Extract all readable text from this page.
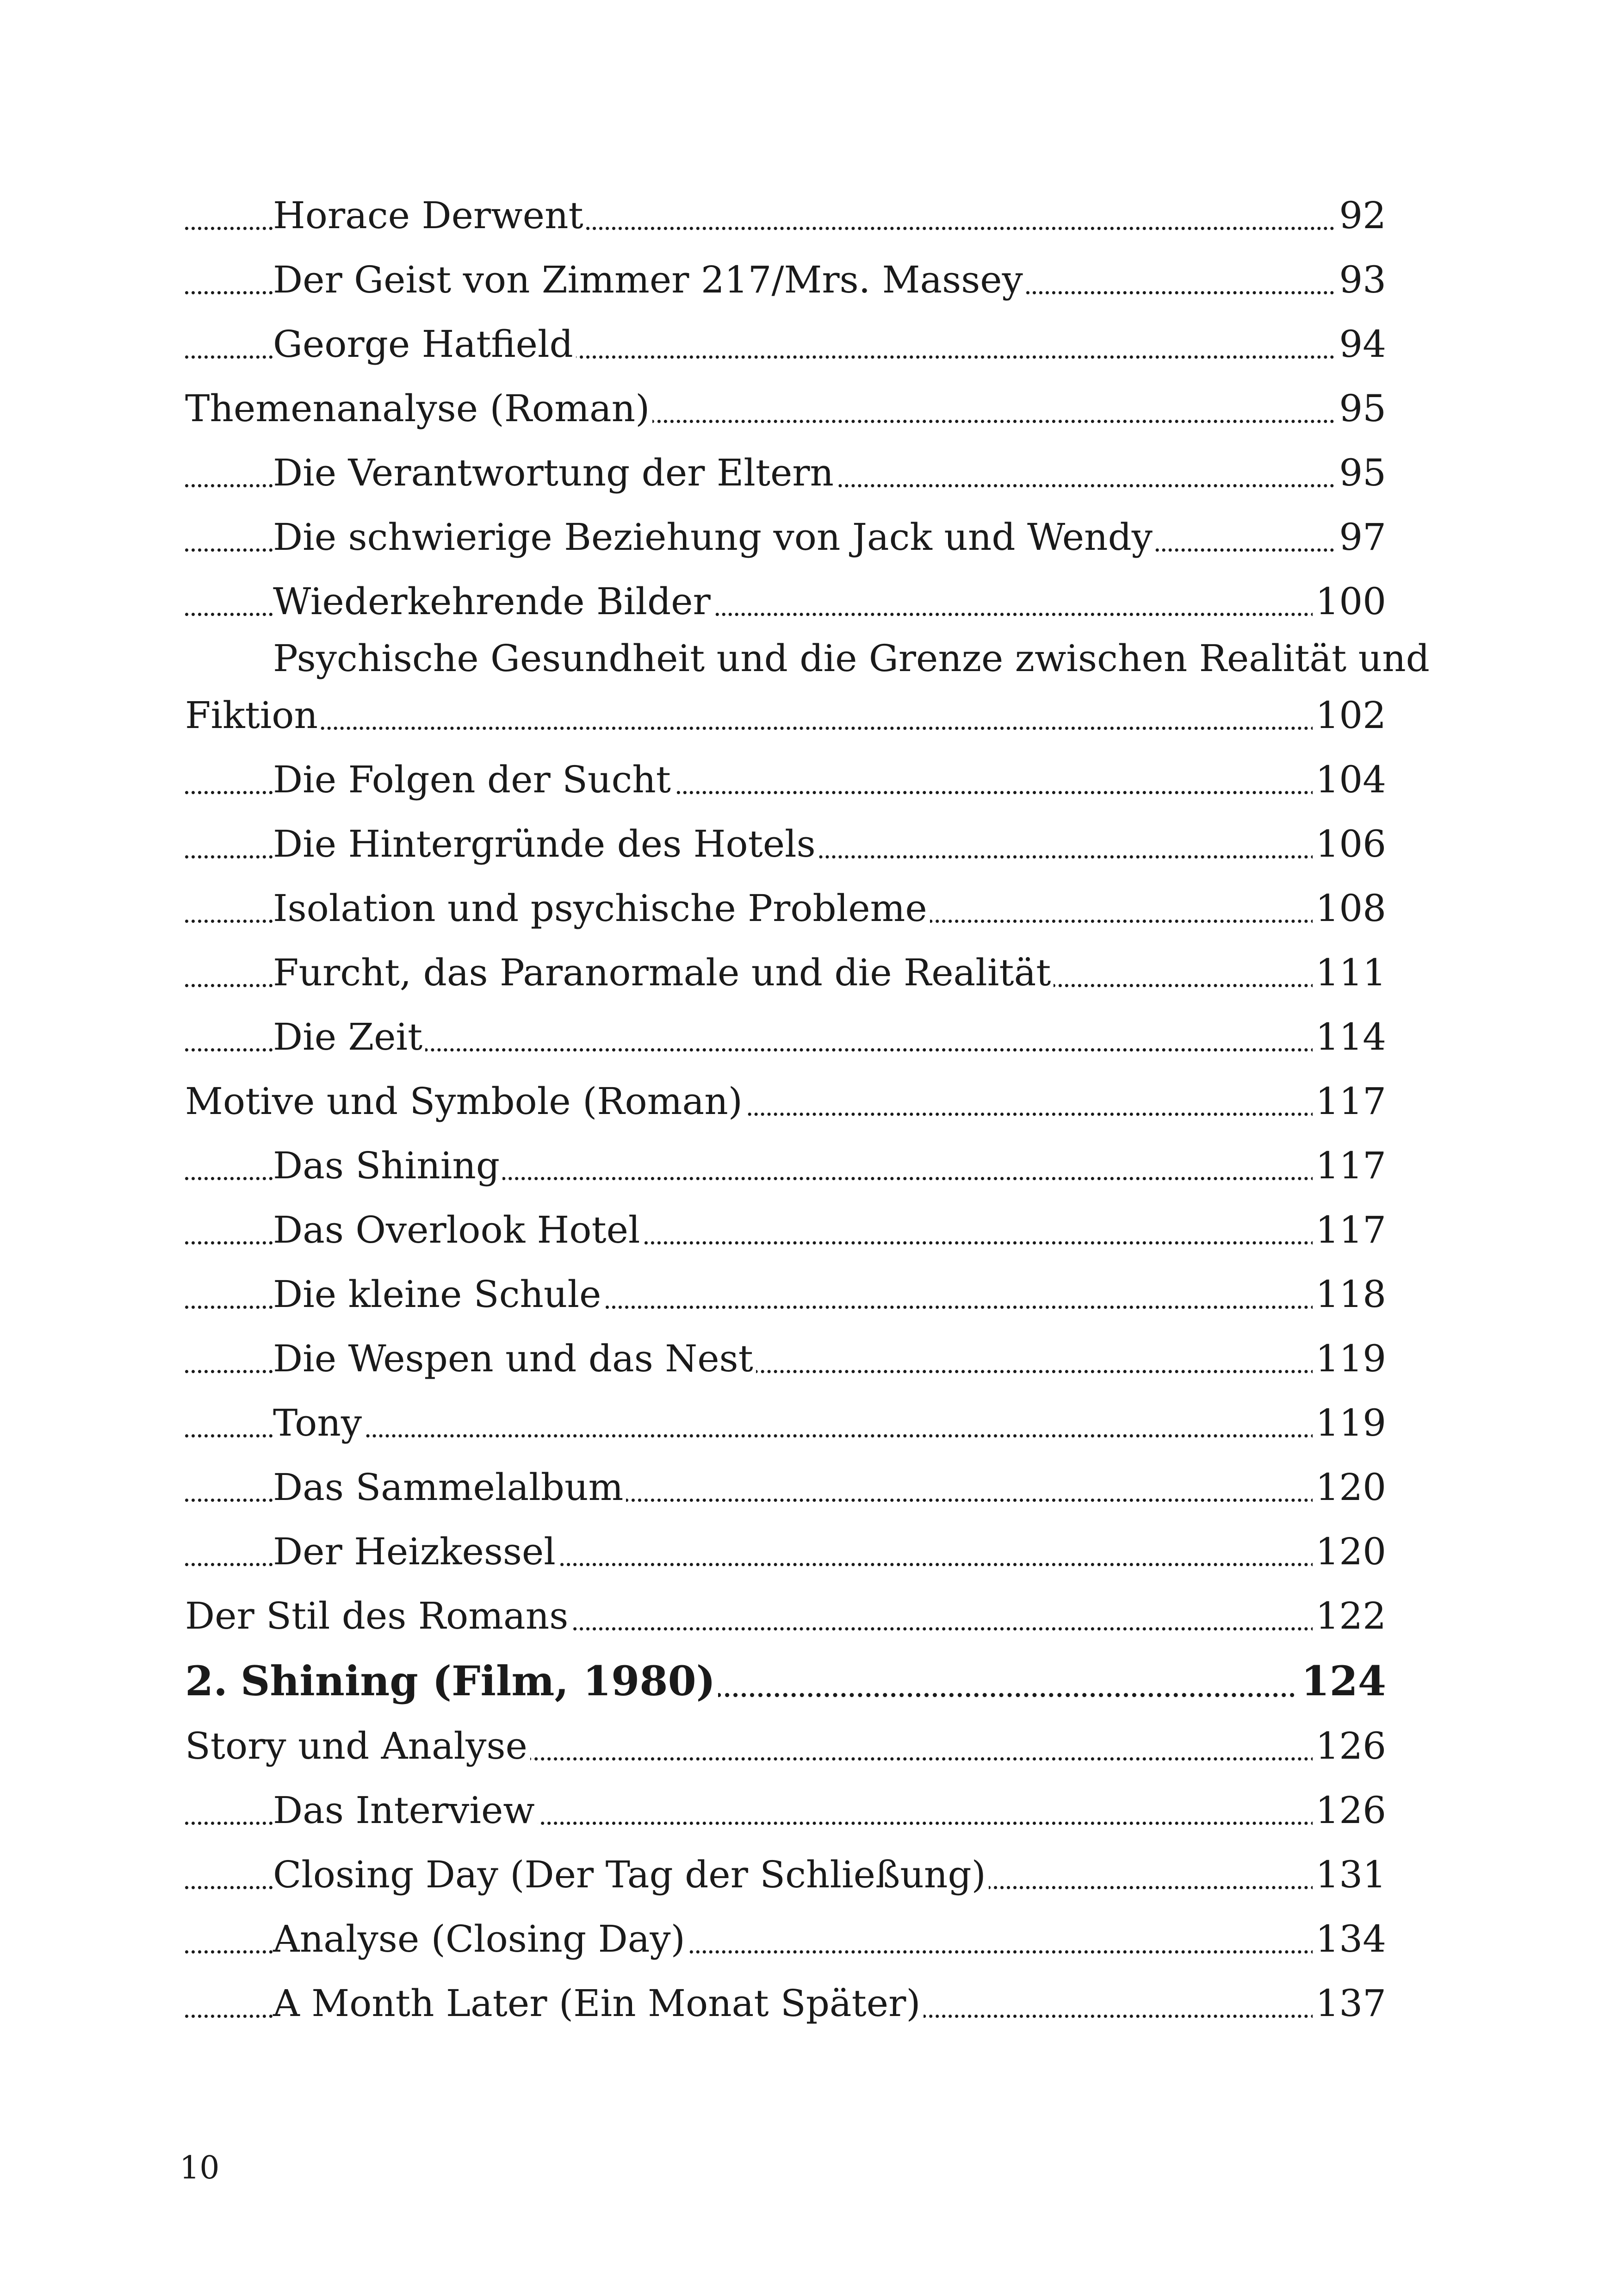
Horace Derwent	92
Der Geist von Zimmer 217/Mrs. Massey	93
George Hatfield	94
Themenanalyse (Roman)	95
Die Verantwortung der Eltern	95
Die schwierige Beziehung von Jack und Wendy	97
Wiederkehrende Bilder	100
Psychische Gesundheit und die Grenze zwischen Realität und
Fiktion	102
Die Folgen der Sucht	104
Die Hintergründe des Hotels	106
Isolation und psychische Probleme	108
Furcht, das Paranormale und die Realität	111
Die Zeit	114
Motive und Symbole (Roman)	117
Das Shining	117
Das Overlook Hotel	117
Die kleine Schule	118
Die Wespen und das Nest	119
Tony	119
Das Sammelalbum	120
Der Heizkessel	120
Der Stil des Romans	122
2. Shining (Film, 1980)	124
Story und Analyse	126
Das Interview	126
Closing Day (Der Tag der Schließung)	131
Analyse (Closing Day)	134
A Month Later (Ein Monat Später)	137
10
